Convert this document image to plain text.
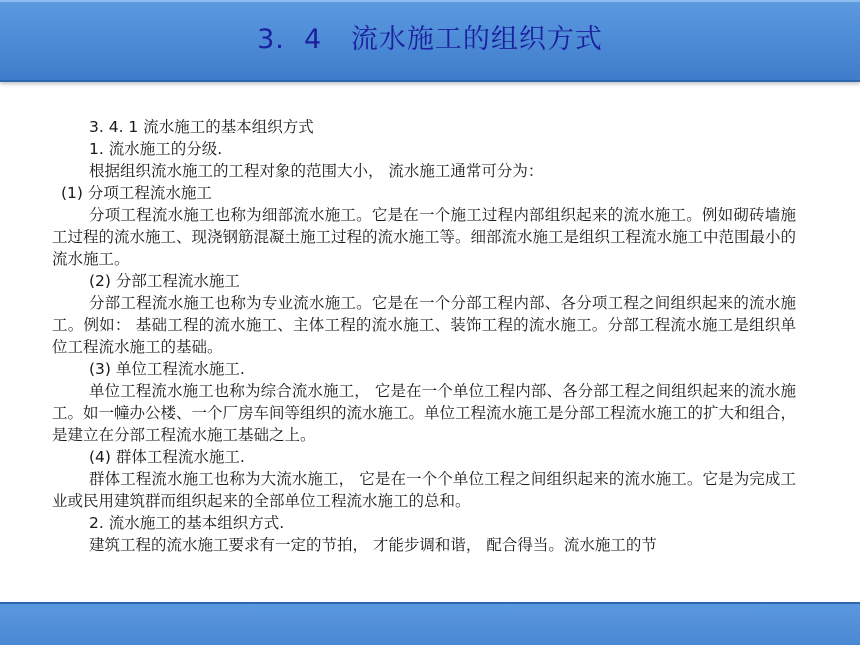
3.  4   流水施工的组织方式

3. 4. 1 流水施工的基本组织方式

1. 流水施工的分级.

根据组织流水施工的工程对象的范围大小， 流水施工通常可分为：

(1) 分项工程流水施工

分项工程流水施工也称为细部流水施工。它是在一个施工过程内部组织起来的流水施工。例如砌砖墙施工过程的流水施工、现浇钢筋混凝土施工过程的流水施工等。细部流水施工是组织工程流水施工中范围最小的流水施工。

(2) 分部工程流水施工

分部工程流水施工也称为专业流水施工。它是在一个分部工程内部、各分项工程之间组织起来的流水施工。例如： 基础工程的流水施工、主体工程的流水施工、装饰工程的流水施工。分部工程流水施工是组织单位工程流水施工的基础。

(3) 单位工程流水施工.

单位工程流水施工也称为综合流水施工， 它是在一个单位工程内部、各分部工程之间组织起来的流水施工。如一幢办公楼、一个厂房车间等组织的流水施工。单位工程流水施工是分部工程流水施工的扩大和组合， 是建立在分部工程流水施工基础之上。

(4) 群体工程流水施工.

群体工程流水施工也称为大流水施工， 它是在一个个单位工程之间组织起来的流水施工。它是为完成工业或民用建筑群而组织起来的全部单位工程流水施工的总和。

2. 流水施工的基本组织方式.

建筑工程的流水施工要求有一定的节拍， 才能步调和谐， 配合得当。流水施工的节
